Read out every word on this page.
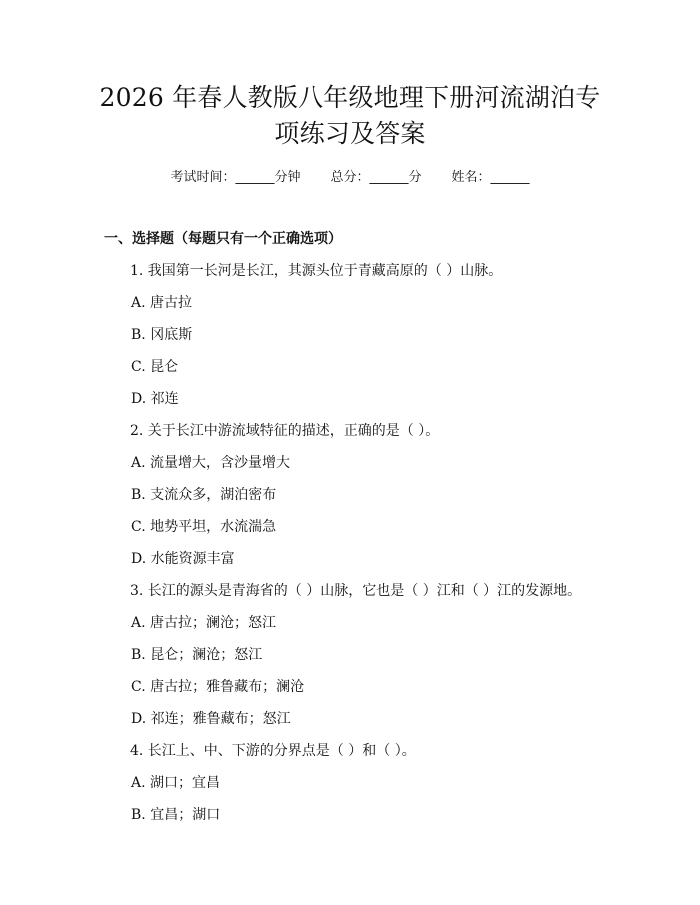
2026 年春人教版八年级地理下册河流湖泊专
项练习及答案
考试时间：______分钟 总分：______分 姓名：______
一、选择题（每题只有一个正确选项）
1. 我国第一长河是长江，其源头位于青藏高原的（ ）山脉。
A. 唐古拉
B. 冈底斯
C. 昆仑
D. 祁连
2. 关于长江中游流域特征的描述，正确的是（ ）。
A. 流量增大，含沙量增大
B. 支流众多，湖泊密布
C. 地势平坦，水流湍急
D. 水能资源丰富
3. 长江的源头是青海省的（ ）山脉，它也是（ ）江和（ ）江的发源地。
A. 唐古拉；澜沧；怒江
B. 昆仑；澜沧；怒江
C. 唐古拉；雅鲁藏布；澜沧
D. 祁连；雅鲁藏布；怒江
4. 长江上、中、下游的分界点是（ ）和（ ）。
A. 湖口；宜昌
B. 宜昌；湖口
